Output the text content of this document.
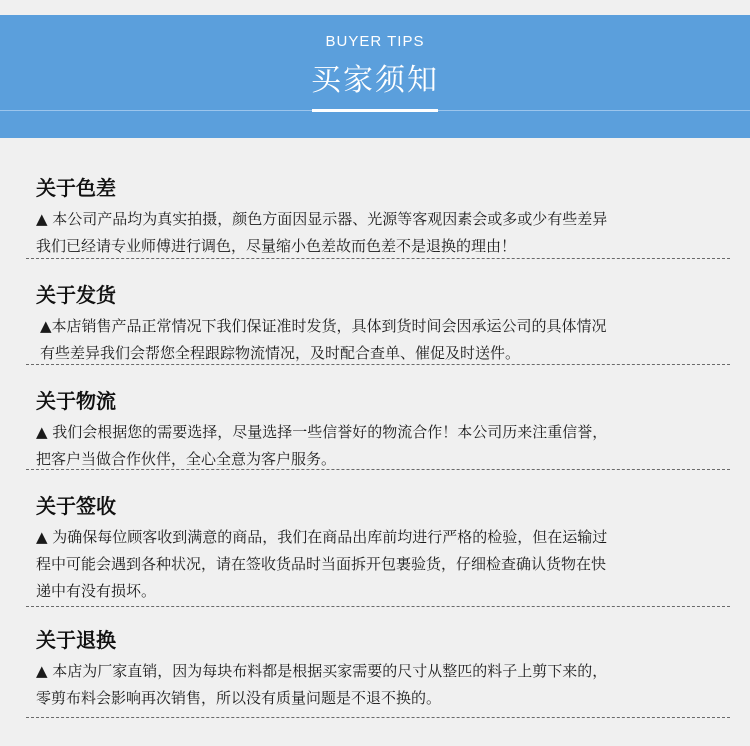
BUYER TIPS
买家须知
关于色差
▲ 本公司产品均为真实拍摄，颜色方面因显示器、光源等客观因素会或多或少有些差异
我们已经请专业师傅进行调色，尽量缩小色差故而色差不是退换的理由！
关于发货
▲本店销售产品正常情况下我们保证准时发货，具体到货时间会因承运公司的具体情况
有些差异我们会帮您全程跟踪物流情况，及时配合查单、催促及时送件。
关于物流
▲ 我们会根据您的需要选择，尽量选择一些信誉好的物流合作！本公司历来注重信誉，
把客户当做合作伙伴，全心全意为客户服务。
关于签收
▲ 为确保每位顾客收到满意的商品，我们在商品出库前均进行严格的检验，但在运输过
程中可能会遇到各种状况，请在签收货品时当面拆开包裹验货，仔细检查确认货物在快
递中有没有损坏。
关于退换
▲ 本店为厂家直销，因为每块布料都是根据买家需要的尺寸从整匹的料子上剪下来的，
零剪布料会影响再次销售，所以没有质量问题是不退不换的。
